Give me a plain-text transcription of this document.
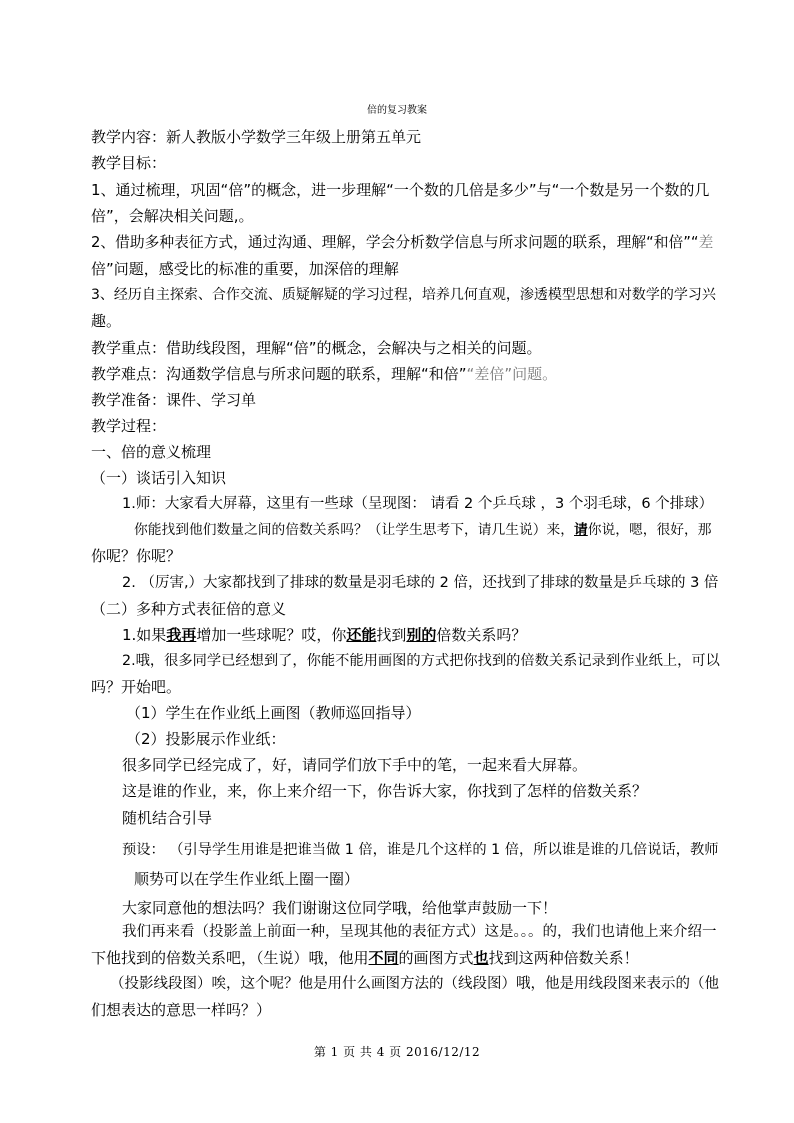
倍的复习教案
教学内容：新人教版小学数学三年级上册第五单元
教学目标：
1、通过梳理，巩固“倍”的概念，进一步理解“一个数的几倍是多少”与“一个数是另一个数的几
倍”，会解决相关问题,。
2、借助多种表征方式，通过沟通、理解，学会分析数学信息与所求问题的联系，理解“和倍”“差
倍”问题，感受比的标准的重要，加深倍的理解
3、经历自主探索、合作交流、质疑解疑的学习过程，培养几何直观，渗透模型思想和对数学的学习兴
趣。
教学重点：借助线段图，理解“倍”的概念，会解决与之相关的问题。
教学难点：沟通数学信息与所求问题的联系，理解“和倍”“差倍”问题。
教学准备：课件、学习单
教学过程：
一、倍的意义梳理
（一）谈话引入知识
1.师：大家看大屏幕，这里有一些球（呈现图： 请看 2 个乒乓球 ，3 个羽毛球，6 个排球）
你能找到他们数量之间的倍数关系吗？（让学生思考下，请几生说）来，请你说，嗯，很好，那
你呢？你呢？
2. （厉害,）大家都找到了排球的数量是羽毛球的 2 倍，还找到了排球的数量是乒乓球的 3 倍
（二）多种方式表征倍的意义
1.如果我再增加一些球呢？哎，你还能找到别的倍数关系吗？
2.哦，很多同学已经想到了，你能不能用画图的方式把你找到的倍数关系记录到作业纸上，可以
吗？开始吧。
（1）学生在作业纸上画图（教师巡回指导）
（2）投影展示作业纸：
很多同学已经完成了，好，请同学们放下手中的笔，一起来看大屏幕。
这是谁的作业，来，你上来介绍一下，你告诉大家，你找到了怎样的倍数关系？
随机结合引导
预设： （引导学生用谁是把谁当做 1 倍，谁是几个这样的 1 倍，所以谁是谁的几倍说话，教师
顺势可以在学生作业纸上圈一圈）
大家同意他的想法吗？我们谢谢这位同学哦，给他掌声鼓励一下！
我们再来看（投影盖上前面一种，呈现其他的表征方式）这是。。。的，我们也请他上来介绍一
下他找到的倍数关系吧，（生说）哦，他用不同的画图方式也找到这两种倍数关系！
（投影线段图）唉，这个呢？他是用什么画图方法的（线段图）哦，他是用线段图来表示的（他
们想表达的意思一样吗？）
第 1 页 共 4 页 2016/12/12
